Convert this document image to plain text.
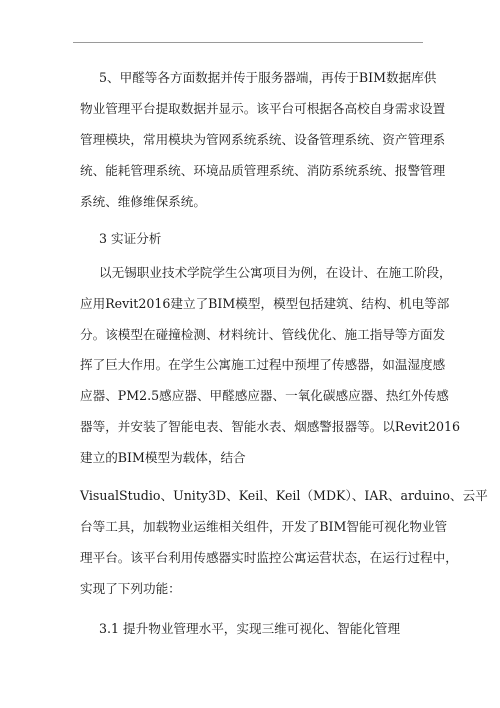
5、甲醛等各方面数据并传于服务器端，再传于BIM数据库供
物业管理平台提取数据并显示。该平台可根据各高校自身需求设置
管理模块，常用模块为管网系统系统、设备管理系统、资产管理系
统、能耗管理系统、环境品质管理系统、消防系统系统、报警管理
系统、维修维保系统。
3 实证分析
以无锡职业技术学院学生公寓项目为例，在设计、在施工阶段，
应用Revit2016建立了BIM模型，模型包括建筑、结构、机电等部
分。该模型在碰撞检测、材料统计、管线优化、施工指导等方面发
挥了巨大作用。在学生公寓施工过程中预埋了传感器，如温湿度感
应器、PM2.5感应器、甲醛感应器、一氧化碳感应器、热红外传感
器等，并安装了智能电表、智能水表、烟感警报器等。以Revit2016
建立的BIM模型为载体，结合
VisualStudio、Unity3D、Keil、Keil（MDK）、IAR、arduino、云平
台等工具，加载物业运维相关组件，开发了BIM智能可视化物业管
理平台。该平台利用传感器实时监控公寓运营状态，在运行过程中，
实现了下列功能：
3.1 提升物业管理水平，实现三维可视化、智能化管理
